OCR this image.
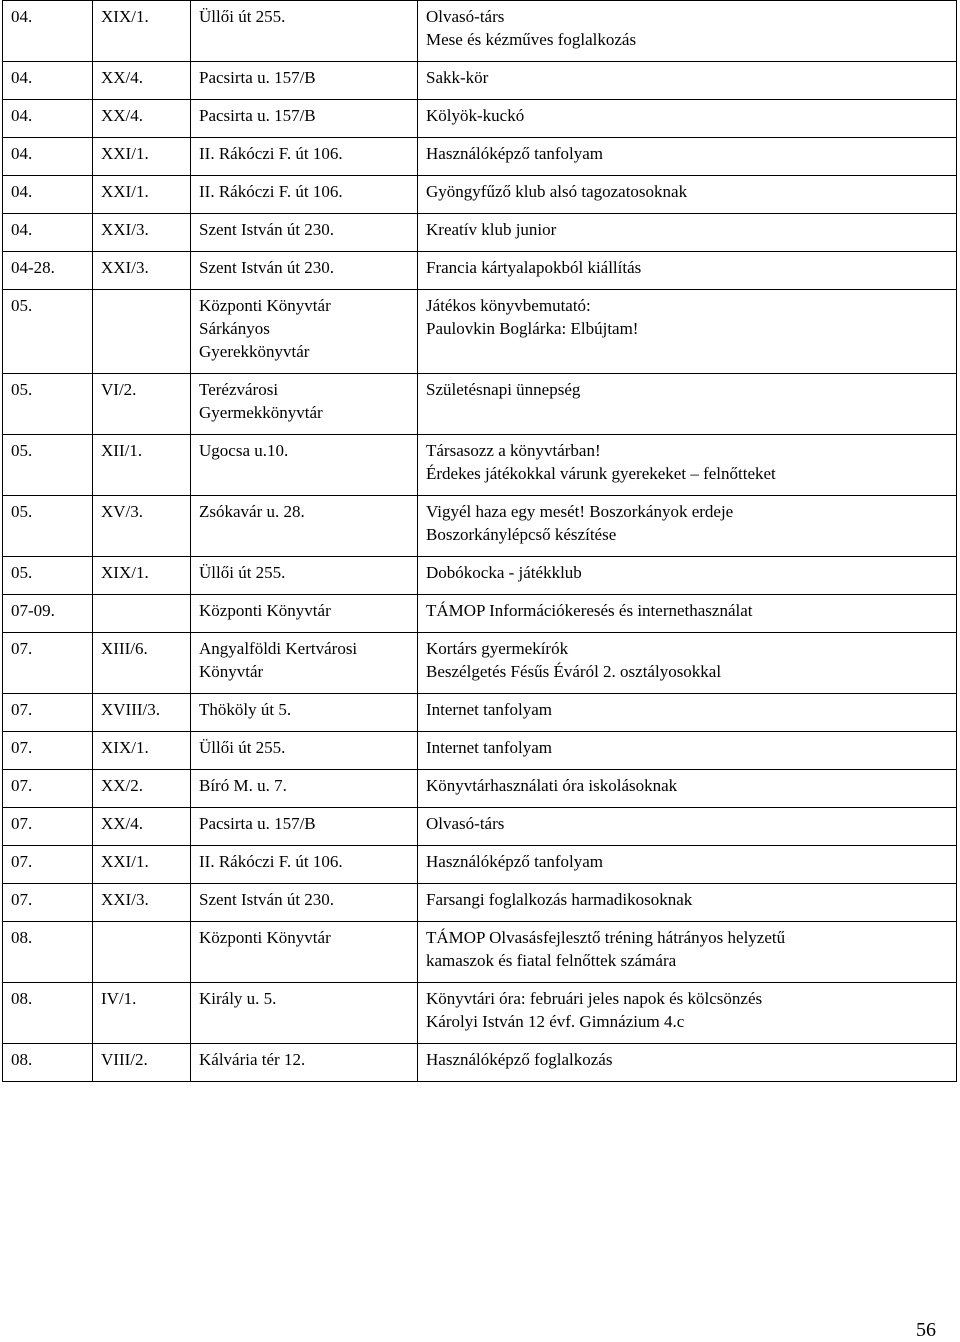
04.	XIX/1.	Üllői út 255.	Olvasó-társ
Mese és kézműves foglalkozás
04.	XX/4.	Pacsirta u. 157/B	Sakk-kör
04.	XX/4.	Pacsirta u. 157/B	Kölyök-kuckó
04.	XXI/1.	II. Rákóczi F. út 106.	Használóképző tanfolyam
04.	XXI/1.	II. Rákóczi F. út 106.	Gyöngyfűző klub alsó tagozatosoknak
04.	XXI/3.	Szent István út 230.	Kreatív klub junior
04-28.	XXI/3.	Szent István út 230.	Francia kártyalapokból kiállítás
05.		Központi Könyvtár
Sárkányos
Gyerekkönyvtár	Játékos könyvbemutató:
Paulovkin Boglárka: Elbújtam!
05.	VI/2.	Terézvárosi
Gyermekkönyvtár	Születésnapi ünnepség
05.	XII/1.	Ugocsa u.10.	Társasozz a könyvtárban!
Érdekes játékokkal várunk gyerekeket – felnőtteket
05.	XV/3.	Zsókavár u. 28.	Vigyél haza egy mesét! Boszorkányok erdeje
Boszorkánylépcső készítése
05.	XIX/1.	Üllői út 255.	Dobókocka - játékklub
07-09.		Központi Könyvtár	TÁMOP Információkeresés és internethasználat
07.	XIII/6.	Angyalföldi Kertvárosi
Könyvtár	Kortárs gyermekírók
Beszélgetés Fésűs Éváról 2. osztályosokkal
07.	XVIII/3.	Thököly út 5.	Internet tanfolyam
07.	XIX/1.	Üllői út 255.	Internet tanfolyam
07.	XX/2.	Bíró M. u. 7.	Könyvtárhasználati óra iskolásoknak
07.	XX/4.	Pacsirta u. 157/B	Olvasó-társ
07.	XXI/1.	II. Rákóczi F. út 106.	Használóképző tanfolyam
07.	XXI/3.	Szent István út 230.	Farsangi foglalkozás harmadikosoknak
08.		Központi Könyvtár	TÁMOP Olvasásfejlesztő tréning hátrányos helyzetű
kamaszok és fiatal felnőttek számára
08.	IV/1.	Király u. 5.	Könyvtári óra: februári jeles napok és kölcsönzés
Károlyi István 12 évf. Gimnázium 4.c
08.	VIII/2.	Kálvária tér 12.	Használóképző foglalkozás
56
